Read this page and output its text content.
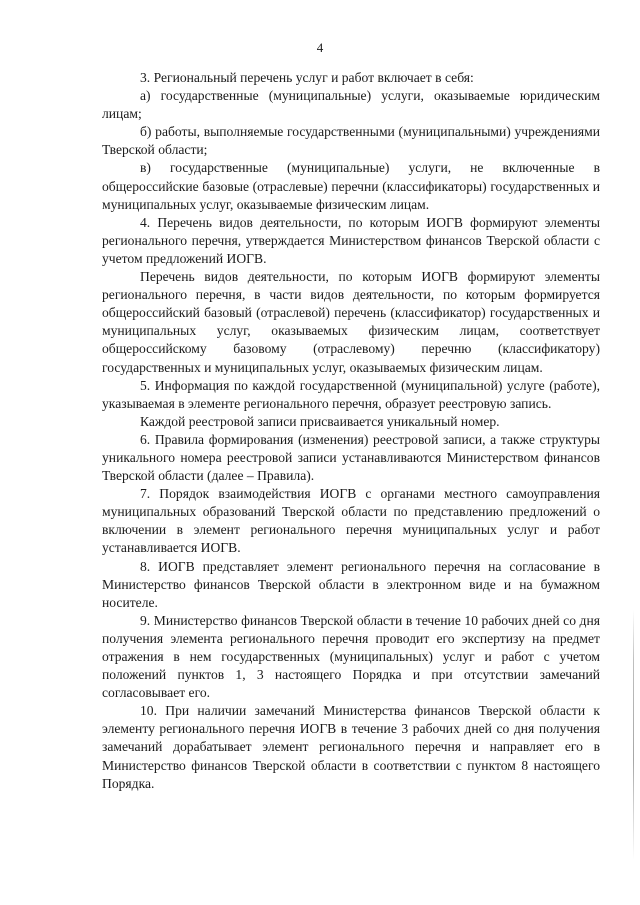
4

3. Региональный перечень услуг и работ включает в себя:

а) государственные (муниципальные) услуги, оказываемые юридическим лицам;

б) работы, выполняемые государственными (муниципальными) учреждениями Тверской области;

в) государственные (муниципальные) услуги, не включенные в общероссийские базовые (отраслевые) перечни (классификаторы) государственных и муниципальных услуг, оказываемые физическим лицам.

4. Перечень видов деятельности, по которым ИОГВ формируют элементы регионального перечня, утверждается Министерством финансов Тверской области с учетом предложений ИОГВ.

Перечень видов деятельности, по которым ИОГВ формируют элементы регионального перечня, в части видов деятельности, по которым формируется общероссийский базовый (отраслевой) перечень (классификатор) государственных и муниципальных услуг, оказываемых физическим лицам, соответствует общероссийскому базовому (отраслевому) перечню (классификатору) государственных и муниципальных услуг, оказываемых физическим лицам.

5. Информация по каждой государственной (муниципальной) услуге (работе), указываемая в элементе регионального перечня, образует реестровую запись.

Каждой реестровой записи присваивается уникальный номер.

6. Правила формирования (изменения) реестровой записи, а также структуры уникального номера реестровой записи устанавливаются Министерством финансов Тверской области (далее – Правила).

7. Порядок взаимодействия ИОГВ с органами местного самоуправления муниципальных образований Тверской области по представлению предложений о включении в элемент регионального перечня муниципальных услуг и работ устанавливается ИОГВ.

8. ИОГВ представляет элемент регионального перечня на согласование в Министерство финансов Тверской области в электронном виде и на бумажном носителе.

9. Министерство финансов Тверской области в течение 10 рабочих дней со дня получения элемента регионального перечня проводит его экспертизу на предмет отражения в нем государственных (муниципальных) услуг и работ с учетом положений пунктов 1, 3 настоящего Порядка и при отсутствии замечаний согласовывает его.

10. При наличии замечаний Министерства финансов Тверской области к элементу регионального перечня ИОГВ в течение 3 рабочих дней со дня получения замечаний дорабатывает элемент регионального перечня и направляет его в Министерство финансов Тверской области в соответствии с пунктом 8 настоящего Порядка.
